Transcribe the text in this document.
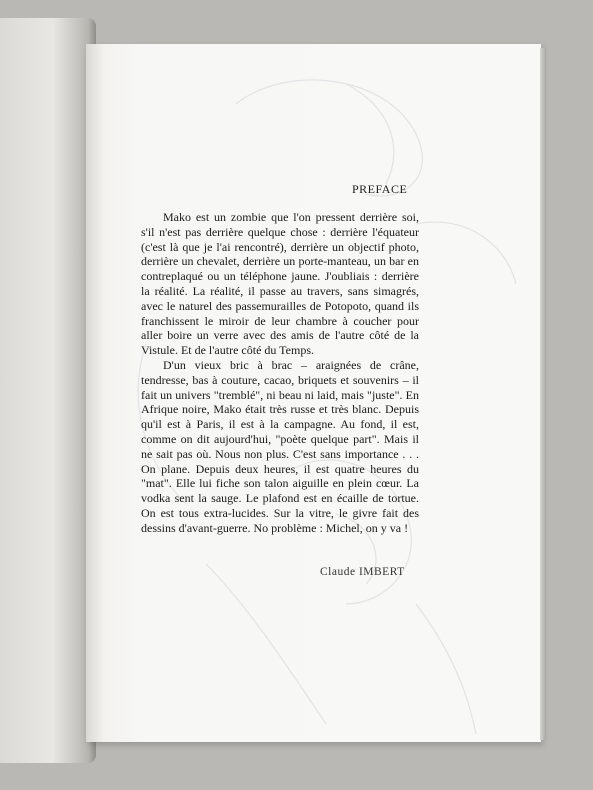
PREFACE

Mako est un zombie que l'on pressent derrière soi, s'il n'est pas derrière quelque chose : derrière l'équateur (c'est là que je l'ai rencontré), derrière un objectif photo, derrière un chevalet, derrière un porte-manteau, un bar en contreplaqué ou un téléphone jaune. J'oubliais : derrière la réalité. La réalité, il passe au travers, sans simagrés, avec le naturel des passemurailles de Potopoto, quand ils franchissent le miroir de leur chambre à coucher pour aller boire un verre avec des amis de l'autre côté de la Vistule. Et de l'autre côté du Temps.

D'un vieux bric à brac – araignées de crâne, tendresse, bas à couture, cacao, briquets et souvenirs – il fait un univers "tremblé", ni beau ni laid, mais "juste". En Afrique noire, Mako était très russe et très blanc. Depuis qu'il est à Paris, il est à la campagne. Au fond, il est, comme on dit aujourd'hui, "poète quelque part". Mais il ne sait pas où. Nous non plus. C'est sans importance . . . On plane. Depuis deux heures, il est quatre heures du "mat". Elle lui fiche son talon aiguille en plein cœur. La vodka sent la sauge. Le plafond est en écaille de tortue. On est tous extra-lucides. Sur la vitre, le givre fait des dessins d'avant-guerre. No problème : Michel, on y va !

Claude IMBERT
